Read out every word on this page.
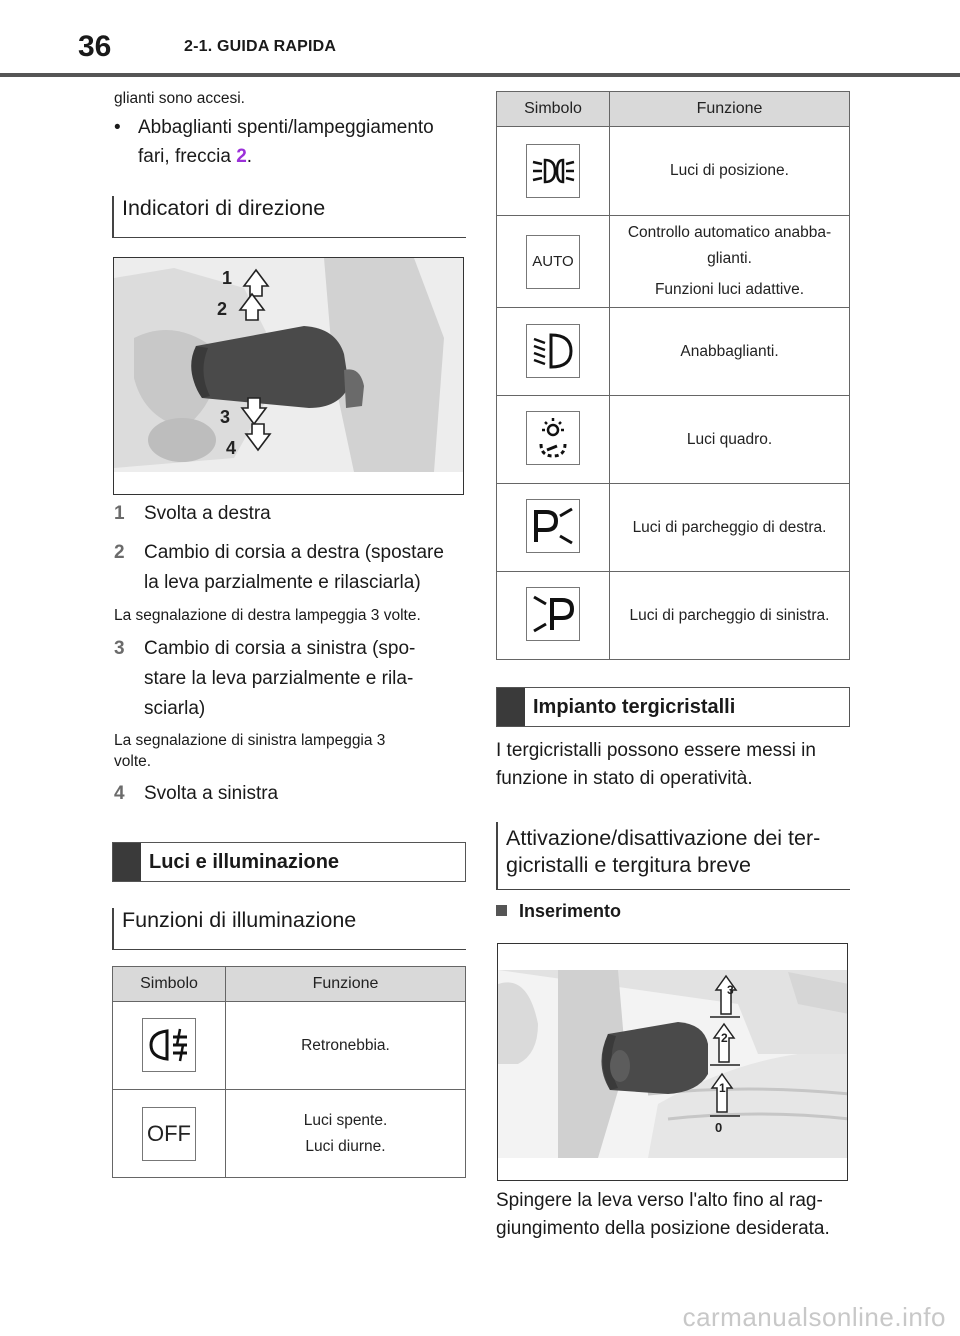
36	2-1. GUIDA RAPIDA
glianti sono accesi.
• Abbaglianti spenti/lampeggiamento
fari, freccia 2.
Indicatori di direzione
1
2
3
4
1 Svolta a destra
2 Cambio di corsia a destra (spostare
la leva parzialmente e rilasciarla)
La segnalazione di destra lampeggia 3 volte.
3 Cambio di corsia a sinistra (spo-
stare la leva parzialmente e rila-
sciarla)
La segnalazione di sinistra lampeggia 3
volte.
4 Svolta a sinistra
Luci e illuminazione
Funzioni di illuminazione
Simbolo	Funzione

	Retronebbia.

OFF	Luci spente.
Luci diurne.
Simbolo	Funzione

	Luci di posizione.

AUTO	Controllo automatico anabba-
glianti.
Funzioni luci adattive.

	Anabbaglianti.

	Luci quadro.

	Luci di parcheggio di destra.

	Luci di parcheggio di sinistra.
Impianto tergicristalli
I tergicristalli possono essere messi in
funzione in stato di operatività.
Attivazione/disattivazione dei ter-
gicristalli e tergitura breve
Inserimento
3
2
1
0
Spingere la leva verso l'alto fino al rag-
giungimento della posizione desiderata.
carmanualsonline.info
